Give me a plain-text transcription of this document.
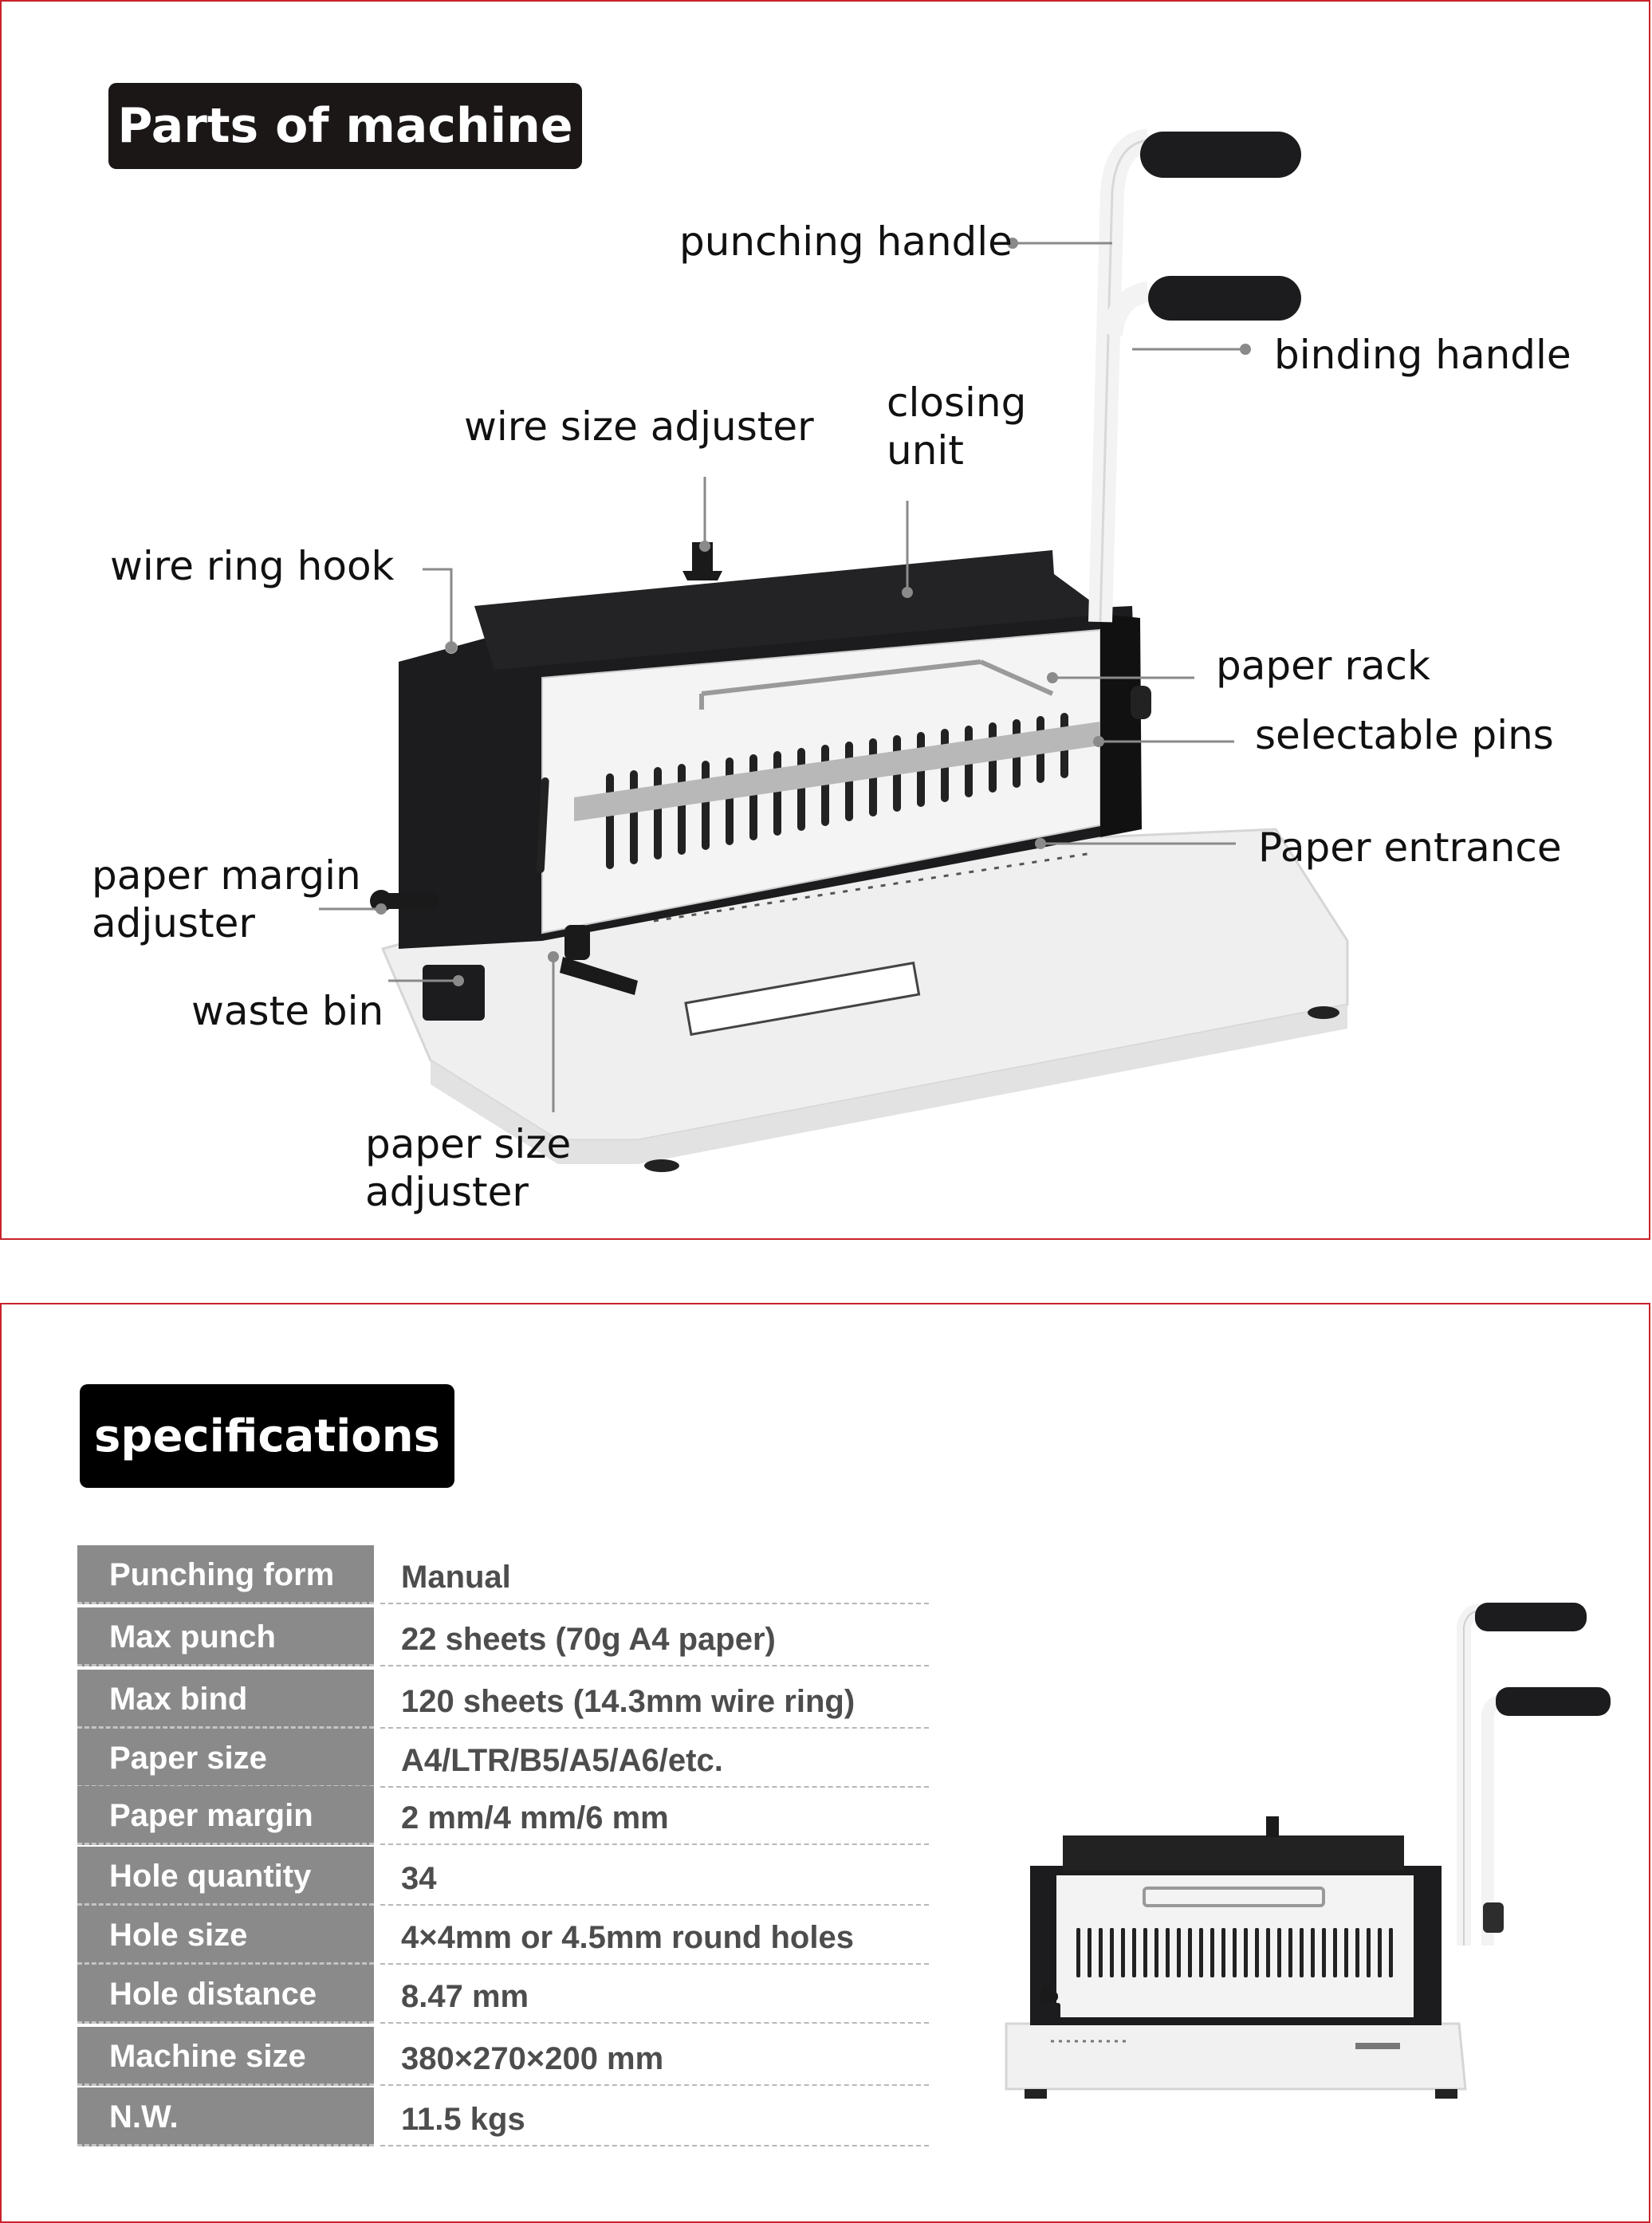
Parts of machine
punching handle
binding handle
wire size adjuster
closing
unit
wire ring hook
paper rack
selectable pins
Paper entrance
paper margin
adjuster
waste bin
paper size
adjuster
specifications
Punching form	Manual
Max punch	22 sheets (70g A4 paper)
Max bind	120 sheets (14.3mm wire ring)
Paper size	A4/LTR/B5/A5/A6/etc.
Paper margin	2 mm/4 mm/6 mm
Hole quantity	34
Hole size	4×4mm or 4.5mm round holes
Hole distance	8.47 mm
Machine size	380×270×200 mm
N.W.	11.5 kgs
